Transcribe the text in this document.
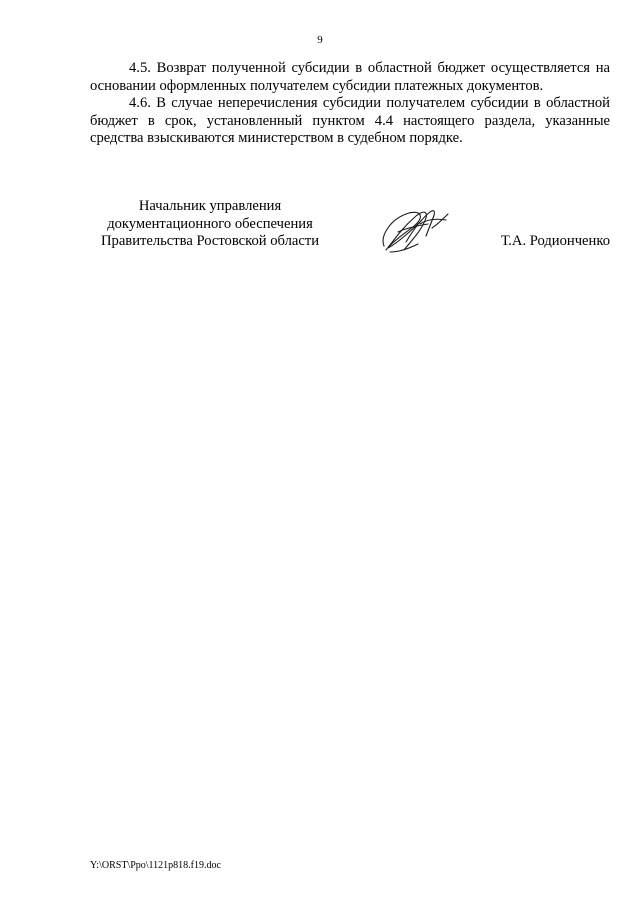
9

4.5. Возврат полученной субсидии в областной бюджет осуществляется на основании оформленных получателем субсидии платежных документов.

4.6. В случае неперечисления субсидии получателем субсидии в областной бюджет в срок, установленный пунктом 4.4 настоящего раздела, указанные средства взыскиваются министерством в судебном порядке.

Начальник управления
документационного обеспечения
Правительства Ростовской области	Т.А. Родионченко
Y:\ORST\Ppo\1121p818.f19.doc
